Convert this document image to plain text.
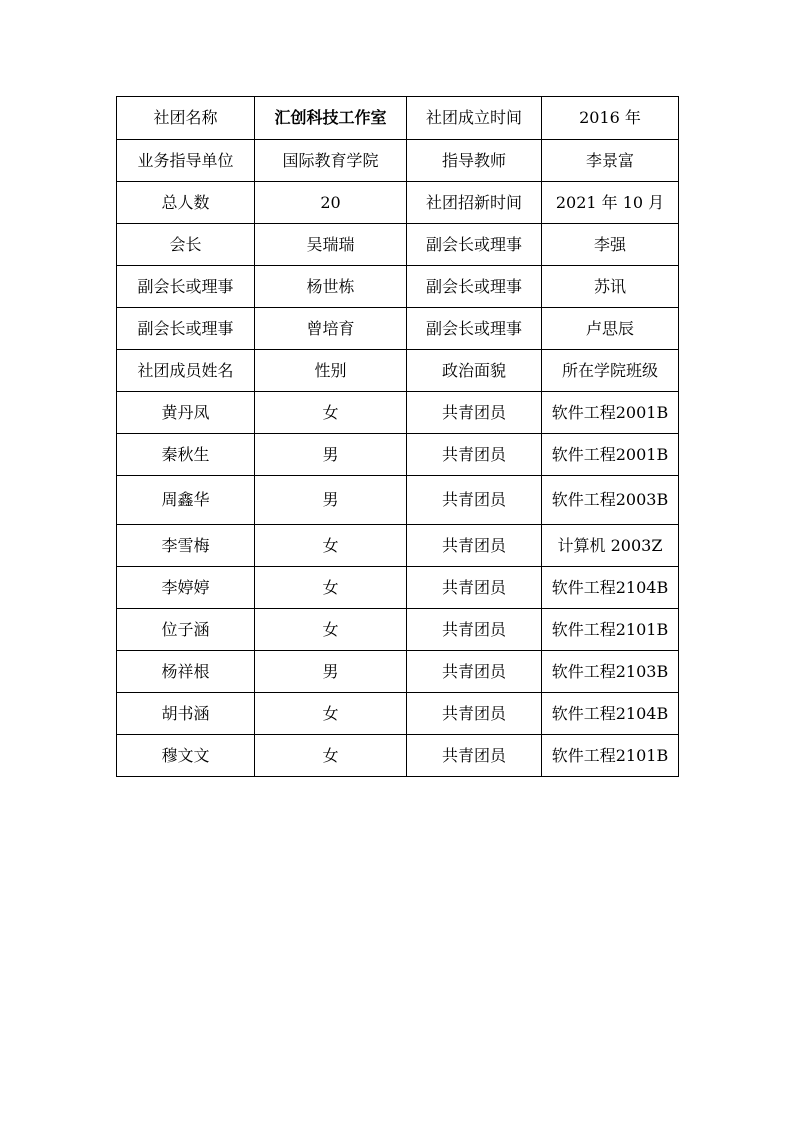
社团名称	汇创科技工作室	社团成立时间	2016 年
业务指导单位	国际教育学院	指导教师	李景富
总人数	20	社团招新时间	2021 年 10 月
会长	吴瑞瑞	副会长或理事	李强
副会长或理事	杨世栋	副会长或理事	苏讯
副会长或理事	曾培育	副会长或理事	卢思辰
社团成员姓名	性别	政治面貌	所在学院班级
黄丹凤	女	共青团员	软件工程2001B
秦秋生	男	共青团员	软件工程2001B
周鑫华	男	共青团员	软件工程2003B
李雪梅	女	共青团员	计算机 2003Z
李婷婷	女	共青团员	软件工程2104B
位子涵	女	共青团员	软件工程2101B
杨祥根	男	共青团员	软件工程2103B
胡书涵	女	共青团员	软件工程2104B
穆文文	女	共青团员	软件工程2101B
